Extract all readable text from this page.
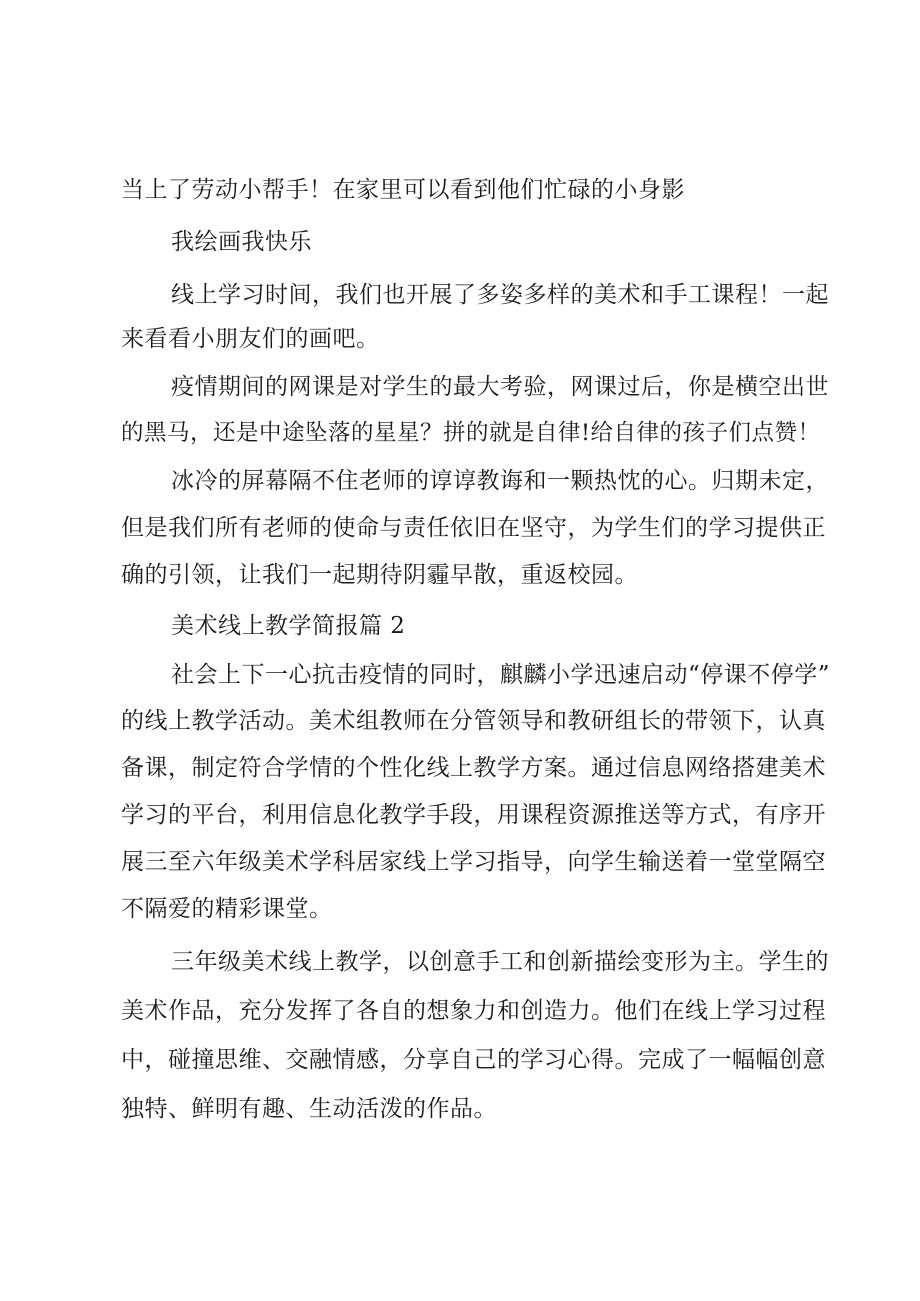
当上了劳动小帮手！在家里可以看到他们忙碌的小身影
我绘画我快乐
线上学习时间，我们也开展了多姿多样的美术和手工课程！一起
来看看小朋友们的画吧。
疫情期间的网课是对学生的最大考验，网课过后，你是横空出世
的黑马，还是中途坠落的星星？拼的就是自律!给自律的孩子们点赞！
冰冷的屏幕隔不住老师的谆谆教诲和一颗热忱的心。归期未定，
但是我们所有老师的使命与责任依旧在坚守，为学生们的学习提供正
确的引领，让我们一起期待阴霾早散，重返校园。
美术线上教学简报篇 2
社会上下一心抗击疫情的同时，麒麟小学迅速启动“停课不停学”
的线上教学活动。美术组教师在分管领导和教研组长的带领下，认真
备课，制定符合学情的个性化线上教学方案。通过信息网络搭建美术
学习的平台，利用信息化教学手段，用课程资源推送等方式，有序开
展三至六年级美术学科居家线上学习指导，向学生输送着一堂堂隔空
不隔爱的精彩课堂。
三年级美术线上教学，以创意手工和创新描绘变形为主。学生的
美术作品，充分发挥了各自的想象力和创造力。他们在线上学习过程
中，碰撞思维、交融情感，分享自己的学习心得。完成了一幅幅创意
独特、鲜明有趣、生动活泼的作品。
